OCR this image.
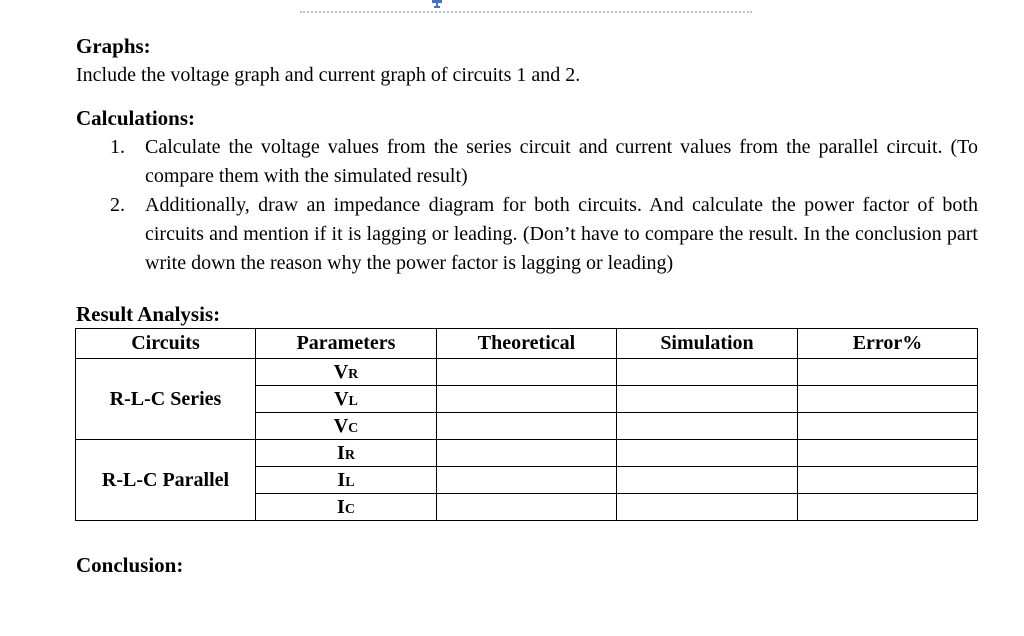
Graphs:

Include the voltage graph and current graph of circuits 1 and 2.

Calculations:
1. Calculate the voltage values from the series circuit and current values from the parallel circuit. (To compare them with the simulated result)
2. Additionally, draw an impedance diagram for both circuits. And calculate the power factor of both circuits and mention if it is lagging or leading. (Don’t have to compare the result. In the conclusion part write down the reason why the power factor is lagging or leading)
Result Analysis:
Circuits	Parameters	Theoretical	Simulation	Error%
R-L-C Series	VR			
	VL			
	VC			
R-L-C Parallel	IR			
	IL			
	IC			
Conclusion:
